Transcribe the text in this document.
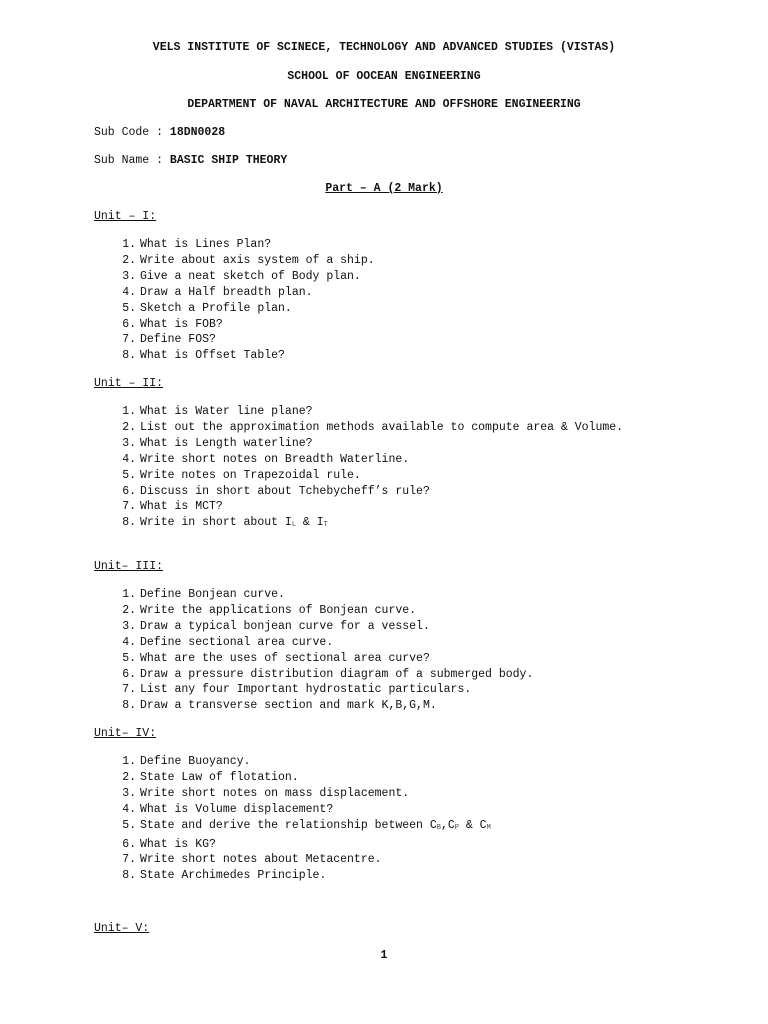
VELS INSTITUTE OF SCINECE, TECHNOLOGY AND ADVANCED STUDIES (VISTAS)
SCHOOL OF OOCEAN ENGINEERING
DEPARTMENT OF NAVAL ARCHITECTURE AND OFFSHORE ENGINEERING
Sub Code : 18DN0028
Sub Name : BASIC SHIP THEORY
Part – A (2 Mark)
Unit – I:
1. What is Lines Plan?
2. Write about axis system of a ship.
3. Give a neat sketch of Body plan.
4. Draw a Half breadth plan.
5. Sketch a Profile plan.
6. What is FOB?
7. Define FOS?
8. What is Offset Table?
Unit – II:
1. What is Water line plane?
2. List out the approximation methods available to compute area & Volume.
3. What is Length waterline?
4. Write short notes on Breadth Waterline.
5. Write notes on Trapezoidal rule.
6. Discuss in short about Tchebycheff’s rule?
7. What is MCT?
8. Write in short about IL & IT
Unit– III:
1. Define Bonjean curve.
2. Write the applications of Bonjean curve.
3. Draw a typical bonjean curve for a vessel.
4. Define sectional area curve.
5. What are the uses of sectional area curve?
6. Draw a pressure distribution diagram of a submerged body.
7. List any four Important hydrostatic particulars.
8. Draw a transverse section and mark K,B,G,M.
Unit– IV:
1. Define Buoyancy.
2. State Law of flotation.
3. Write short notes on mass displacement.
4. What is Volume displacement?
5. State and derive the relationship between CB,CP & CM
6. What is KG?
7. Write short notes about Metacentre.
8. State Archimedes Principle.
Unit– V:
1
